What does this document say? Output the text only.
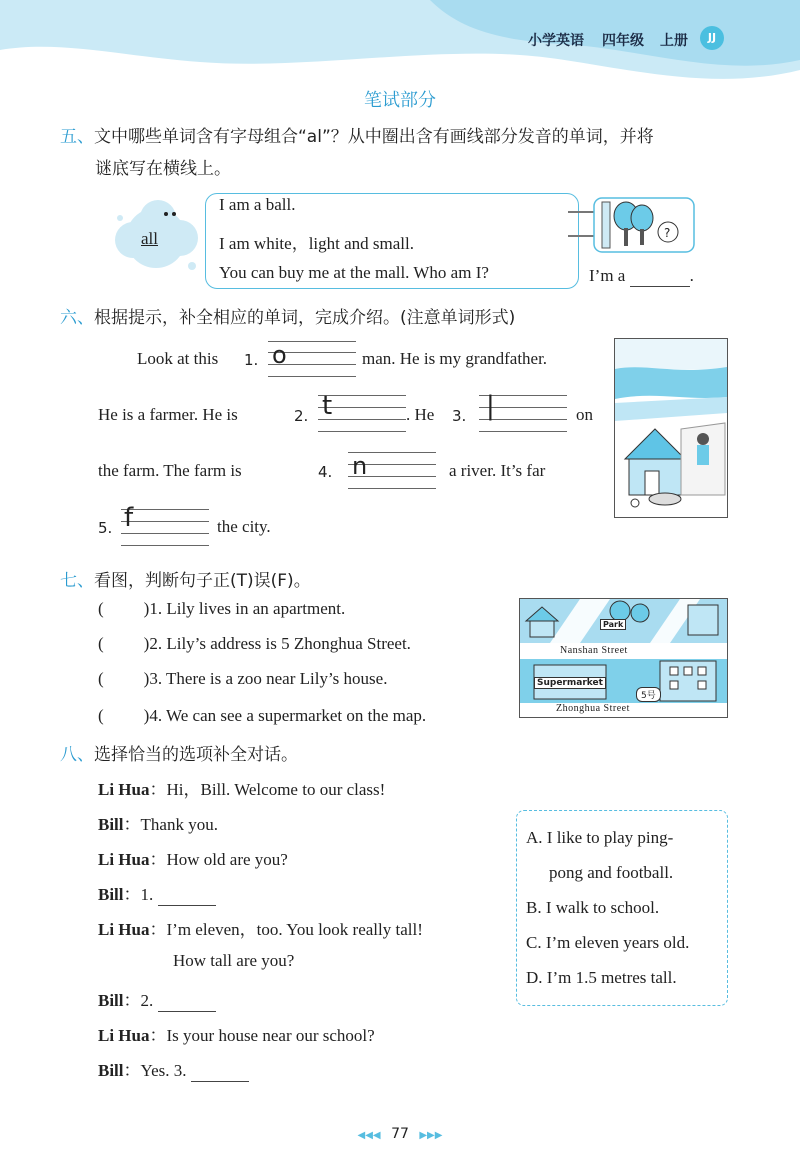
小学英语 四年级 上册	JJ
笔试部分
五、文中哪些单词含有字母组合“al”？从中圈出含有画线部分发音的单词，并将
谜底写在横线上。
all
I am a ball.
I am white，light and small.
You can buy me at the mall. Who am I?
?
I’m a	.
六、根据提示，补全相应的单词，完成介绍。(注意单词形式)
Look at this 1. o	man. He is my grandfather.
He is a farmer. He is	2. t	. He 3. |	on
the farm. The farm is	4. n	a river. It’s far
5. f	the city.
七、看图，判断句子正(T)误(F)。
( )1. Lily lives in an apartment.
( )2. Lily’s address is 5 Zhonghua Street.
( )3. There is a zoo near Lily’s house.
( )4. We can see a supermarket on the map.
Park
Nanshan Street
Supermarket
5号
Zhonghua Street
八、选择恰当的选项补全对话。
Li Hua：Hi，Bill. Welcome to our class!
Bill：Thank you.
Li Hua：How old are you?
Bill：1.
Li Hua：I’m eleven，too. You look really tall!
How tall are you?
Bill：2.
Li Hua：Is your house near our school?
Bill：Yes. 3.
A. I like to play ping-
pong and football.
B. I walk to school.
C. I’m eleven years old.
D. I’m 1.5 metres tall.
◀◀◀ 77 ▶▶▶
